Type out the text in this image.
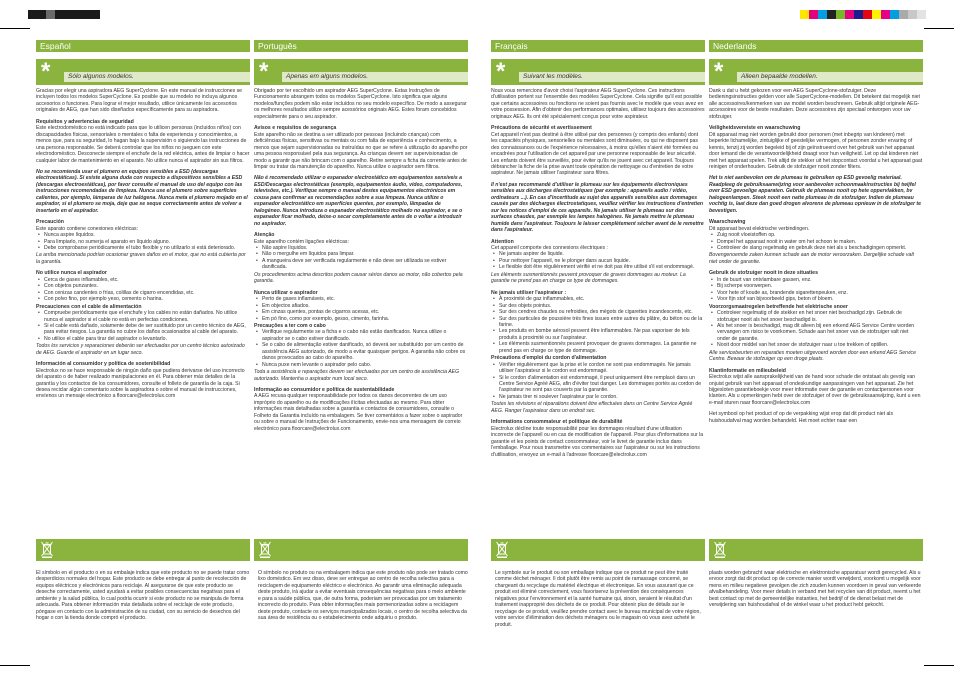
Español
*	Sólo algunos modelos.

Gracias por elegir una aspiradora AEG SuperCyclone. En este manual de instrucciones se incluyen todos los modelos SuperCyclone. Es posible que su modelo no incluya algunos accesorios o funciones. Para lograr el mejor resultado, utilice únicamente los accesorios originales de AEG, que han sido diseñados específicamente para su aspiradora.

Requisitos y advertencias de seguridad

Este electrodoméstico no está indicado para que lo utilicen personas (incluidos niños) con discapacidades físicas, sensoriales o mentales o falta de experiencia y conocimientos, a menos que, para su seguridad, lo hagan bajo la supervisión o siguiendo las instrucciones de una persona responsable. Se deberá controlar que los niños no jueguen con este electrodoméstico. Desconecte siempre el enchufe de la red eléctrica, antes de limpiar o hacer cualquier labor de mantenimiento en el aparato. No utilice nunca el aspirador sin sus filtros.

No se recomienda usar el plumero en equipos sensibles a ESD (descargas electroestáticas). Si existe alguna duda con respecto a dispositivos sensibles a ESD (descargas electroestáticas), por favor consulte el manual de uso del equipo con las instrucciones recomendadas de limpieza. Nunca use el plumero sobre superficies calientes, por ejemplo, lámparas de luz halógena. Nunca meta el plumero mojado en el aspirador, si el plumero se moja, deje que se seque correctamente antes de volver a insertarlo en el aspirador.

Precaución

Este aparato contiene conexiones eléctricas:

• Nunca aspire líquidos.
• Para limpiarlo, no sumerja el aparato en líquido alguno.
• Debe comprobarse periódicamente el tubo flexible y no utilizarlo si está deteriorado.

La arriba mencionada podrían ocasionar graves daños en el motor, que no está cubierta por la garantía.

No utilice nunca el aspirador
• Cerca de gases inflamables, etc.
• Con objetos punzantes.
• Con cenizas candentes o frías, colillas de cigarro encendidas, etc.
• Con polvo fino, por ejemplo yeso, cemento o harina.
Precauciones con el cable de alimentación
• Compruebe periódicamente que el enchufe y los cables no están dañados. No utilice nunca el aspirador si el cable no está en perfectas condiciones.
• Si el cable está dañado, solamente debe de ser sustituido por un centro técnico de AEG, para evitar riesgos. La garantía no cubre los daños ocasionados al cable del aparato.
• No utilice el cable para tirar del aspirador o levantarlo.

Todos los servicios y reparaciones deberán ser efectuadas por un centro técnico autorizado de AEG. Guarde el aspirador en un lugar seco.

Información al consumidor y política de sostenibilidad

Electrolux no se hace responsable de ningún daño que pudiera derivarse del uso incorrecto del aparato o de haber realizado manipulaciones en él. Para obtener más detalles de la garantía y los contactos de los consumidores, consulte el folleto de garantía de la caja. Si desea reciclar algún comentario sobre la aspiradora o sobre el manual de instrucciones, envíenos un mensaje electrónico a floorcare@electrolux.com

El símbolo en el producto o en su embalaje indica que este producto no se puede tratar como desperdicios normales del hogar. Este producto se debe entregar al punto de recolección de equipos eléctricos y electrónicos para reciclaje. Al asegurarse de que este producto se deseche correctamente, usted ayudará a evitar posibles consecuencias negativas para el ambiente y la salud pública, lo cual podría ocurrir si este producto no se manipula de forma adecuada. Para obtener información más detallada sobre el reciclaje de este producto, póngase en contacto con la administración de su ciudad, con su servicio de desechos del hogar o con la tienda donde compró el producto.
Português
*	Apenas em alguns modelos.

Obrigado por ter escolhido um aspirador AEG SuperCyclone. Estas Instruções de Funcionamento abrangem todos os modelos SuperCyclone. Isto significa que alguns modelos/funções podem não estar incluídos no seu modelo específico. De modo a assegurar os melhores resultados utilize sempre acessórios originais AEG. Estes foram concebidos especialmente para o seu aspirador.

Avisos e requisitos de segurança

Este aparelho não se destina a ser utilizado por pessoas (incluindo crianças) com deficiências físicas, sensitivas ou mentais ou com falta de experiência e conhecimento, a menos que sejam supervisionadas ou instruídas no que se refere à utilização do aparelho por uma pessoa responsável pela sua segurança. As crianças devem ser supervisionadas de modo a garantir que não brincam com o aparelho. Retire sempre a ficha da corrente antes de limpar ou tratar da manutenção do aparelho. Nunca utilize o aspirador sem filtros.

Não é recomendado utilizar o espanador electrostático em equipamentos sensíveis a ESD/Descargas electrostáticas (exemplo, equipamentos áudio, vídeo, computadores, televisões, etc.). Verifique sempre o manual destes equipamentos electrónicos em cousa para confirmar as recomendações sobre a sua limpeza. Nunca utilize o espanador electrostático em superfícies quentes, por exemplo, lâmpadas de halogéneo. Nunca introduza o espanador electrostático molhado no aspirador, e se o espanador ficar molhado, deixe-o secar completamente antes de o voltar a introduzir no aspirador.

Atenção

Este aparelho contém ligações eléctricas:

• Não aspire líquidos.
• Não o mergulhe em líquidos para limpar.
• A mangueira deve ser verificada regularmente e não deve ser utilizada se estiver danificada.

Os procedimentos acima descritos podem causar sérios danos ao motor, não cobertos pela garantia.

Nunca utilizar o aspirador
• Perto de gases inflamáveis, etc.
• Em objectos afiados.
• Em cinzas quentes, pontas de cigarros acesas, etc.
• Em pó fino, como por exemplo, gesso, cimento, farinha.
Precauções a ter com o cabo
• Verifique regularmente se a ficha e o cabo não estão danificados. Nunca utilize o aspirador se o cabo estiver danificado.
• Se o cabo de alimentação estiver danificado, só deverá ser substituído por um centro de assistência AEG autorizado, de modo a evitar quaisquer perigos. A garantia não cobre os danos provocados ao cabo do aparelho.
• Nunca puxe nem levante o aspirador pelo cabo.

Toda a assistência e reparações devem ser efectuadas por um centro de assistência AEG autorizado. Mantenha o aspirador num local seco.

Informação ao consumidor e política de sustentabilidade

A AEG recusa qualquer responsabilidade por todos os danos decorrentes de um uso impróprio do aparelho ou de modificações ilícitas efectuadas ao mesmo. Para obter informações mais detalhadas sobre a garantia e contactos de consumidores, consulte o Folheto da Garantia incluído na embalagem. Se tiver comentários a fazer sobre o aspirador ou sobre o manual de Instruções de Funcionamento, envie-nos uma mensagem de correio electrónico para floorcare@electrolux.com

O símbolo no produto ou na embalagem indica que este produto não pode ser tratado como lixo doméstico. Em vez disso, deve ser entregue ao centro de recolha selectiva para a reciclagem de equipamento eléctrico e electrónico. Ao garantir uma eliminação adequada deste produto, irá ajudar a evitar eventuais consequências negativas para o meio ambiente e para a saúde pública, que, de outra forma, poderiam ser provocadas por um tratamento incorrecto do produto. Para obter informações mais pormenorizadas sobre a reciclagem deste produto, contacte os serviços municipalizados locais, o centro de recolha selectiva da sua área de residência ou o estabelecimento onde adquiriu o produto.
Français
*	Suivant les modèles.

Nous vous remercions d'avoir choisi l'aspirateur AEG SuperCyclone. Ces instructions d'utilisation portent sur l'ensemble des modèles SuperCyclone. Cela signifie qu'il est possible que certains accessoires ou fonctions ne soient pas fournis avec le modèle que vous avez en votre possession. Afin d'obtenir des performances optimales, utilisez toujours des accessoires originaux AEG. Ils ont été spécialement conçus pour votre aspirateur.

Précautions de sécurité et avertissement

Cet appareil n'est pas destiné à être utilisé par des personnes (y compris des enfants) dont les capacités physiques, sensorielles ou mentales sont diminuées, ou qui ne disposent pas des connaissances ou de l'expérience nécessaires, à moins qu'elles n'aient été formées ou encadrées pour l'utilisation de cet appareil par une personne responsable de leur sécurité. Les enfants doivent être surveillés, pour éviter qu'ils ne jouent avec cet appareil. Toujours débrancher la fiche de la prise avant toute opération de nettoyage ou d'entretien de votre aspirateur. Ne jamais utiliser l'aspirateur sans filtres.

Il n'est pas recommandé d'utiliser le plumeau sur les équipements électroniques sensibles aux décharges électrostatiques (par exemple : appareils audio / vidéo, ordinateurs ...). En cas d'incertitude au sujet des appareils sensibles aux dommages causés par des décharges électrostatiques, veuillez vérifier les instructions d'entretien sur les notices d'emploi de ces appareils. Ne jamais utiliser le plumeau sur des surfaces chaudes, par exemple les lampes halogènes. Ne jamais mettre le plumeau humide dans l'aspirateur. Toujours le laisser complètement sécher avant de le remettre dans l'aspirateur.

Attention

Cet appareil comporte des connexions électriques :

• Ne jamais aspirer de liquide.
• Pour nettoyer l'appareil, ne le plonger dans aucun liquide.
• Le flexible doit être régulièrement vérifié et ne doit pas être utilisé s'il est endommagé.

Les éléments susmentionnés peuvent provoquer de graves dommages au moteur. La garantie ne prend pas en charge ce type de dommages.

Ne jamais utiliser l'aspirateur :
• À proximité de gaz inflammables, etc.
• Sur des objets pointus.
• Sur des cendres chaudes ou refroidies, des mégots de cigarettes incandescents, etc.
• Sur des particules de poussière très fines issues entre autres du plâtre, du béton ou de la farine.
• Les produits en bombe aérosol peuvent être inflammables. Ne pas vaporiser de tels produits à proximité ou sur l'aspirateur.
• Les éléments susmentionnés peuvent provoquer de graves dommages. La garantie ne prend pas en charge ce type de dommage.
Précautions d'emploi du cordon d'alimentation
• Vérifier régulièrement que la prise et le cordon ne sont pas endommagés. Ne jamais utiliser l'aspirateur si le cordon est endommagé.
• Si le cordon d'alimentation est endommagé, il peut uniquement être remplacé dans un Centre Service Agréé AEG, afin d'éviter tout danger. Les dommages portés au cordon de l'aspirateur ne sont pas couverts par la garantie.
• Ne jamais tirer ni soulever l'aspirateur par le cordon.

Toutes les révisions et réparations doivent être effectuées dans un Centre Service Agréé AEG. Ranger l'aspirateur dans un endroit sec.

Informations consommateur et politique de durabilité

Electrolux décline toute responsabilité pour les dommages résultant d'une utilisation incorrecte de l'appareil ou en cas de modification de l'appareil. Pour plus d'informations sur la garantie et les points de contact consommateur, voir le livret de garantie inclus dans l'emballage. Pour nous transmettre vos commentaires sur l'aspirateur ou sur les instructions d'utilisation, envoyez un e-mail à l'adresse floorcare@electrolux.com

Le symbole sur le produit ou son emballage indique que ce produit ne peut être traité comme déchet ménager. Il doit plutôt être remis au point de ramassage concerné, se chargeant du recyclage du matériel électrique et électronique. En vous assurant que ce produit est éliminé correctement, vous favoriserez la prévention des conséquences négatives pour l'environnement et la santé humaine qui, sinon, seraient le résultat d'un traitement inapproprié des déchets de ce produit. Pour obtenir plus de détails sur le recyclage de ce produit, veuillez prendre contact avec le bureau municipal de votre région, votre service d'élimination des déchets ménagers ou le magasin où vous avez acheté le produit.
Nederlands
*	Alleen bepaalde modellen.

Dank u dat u hebt gekozen voor een AEG SuperCyclone-stofzuiger. Deze bedieningsinstructies gelden voor alle SuperCyclone-modellen. Dit betekent dat mogelijk niet alle accessoires/kenmerken van uw model worden beschreven. Gebruik altijd originele AEG-accessoires voor de beste resultaten. Deze accessoires zijn speciaal ontworpen voor uw stofzuiger.

Veiligheidsvereiste en waarschuwing

Dit apparaat mag niet worden gebruikt door personen (met inbegrip van kinderen) met beperkte lichamelijke, zintuiglijke of geestelijke vermogen, of personen zonder ervaring of kennis, tenzij zij worden begeleid bij of zijn geïnstrueerd over het gebruik van het apparaat door iemand die de verantwoordelijkheid draagt voor hun veiligheid. Let op dat kinderen niet met het apparaat spelen. Trek altijd de stekker uit het stopcontact voordat u het apparaat gaat reinigen of onderhouden. Gebruik de stofzuiger nooit zonder filters.

Het is niet aanbevolen om de plumeau te gebruiken op ESD gevoelig materiaal. Raadpleeg de gebruiksaanwijzing voor aanbevolen schoonmaakinstructies bij twijfel over ESD gevoelige apparaten. Gebruik de plumeau nooit op hete oppervlakken, bv halogeenlampen. Steek nooit een natte plumeau in de stofzuiger. Indien de plumeau vochtig is, laat deze dan goed drogen alvorens de plumeau opnieuw in de stofzuiger te bevestigen.

Waarschuwing

Dit apparaat bevat elektrische verbindingen.

• Zuig nooit vloeistoffen op.
• Dompel het apparaat nooit in water om het schoon te maken.
• Controleer de slang regelmatig en gebruik deze niet als u beschadigingen opmerkt.

Bovengenoemde zaken kunnen schade aan de motor veroorzaken. Dergelijke schade valt niet onder de garantie.

Gebruik de stofzuiger nooit in deze situaties
• In de buurt van ontvlambare gassen, enz.
• Bij scherpe voorwerpen.
• Voor hete of koude as, brandende sigarettenpeuken, enz.
• Voor fijn stof van bijvoorbeeld gips, beton of bloem.
Voorzorgsmaatregelen betreffende het elektrische snoer
• Controleer regelmatig of de stekker en het snoer niet beschadigd zijn. Gebruik de stofzuiger nooit als het snoer beschadigd is.
• Als het snoer is beschadigd, mag dit alleen bij een erkend AEG Service Centre worden vervangen om risico te voorkomen. Schade aan het snoer van de stofzuiger valt niet onder de garantie.
• Nooit door middel van het snoer de stofzuiger naar u toe trekken of optillen.

Alle servicebeurten en reparaties moeten uitgevoerd worden door een erkend AEG Service Centre. Bewaar de stofzuiger op een droge plaats.

Klantinformatie en milieubeleid

Electrolux wijst alle aansprakelijkheid van de hand voor schade die ontstaat als gevolg van onjuist gebruik van het apparaat of ondeskundige aanpassingen van het apparaat. Zie het bijgesloten garantieboekje voor meer informatie over de garantie en contactpersonen voor klanten. Als u opmerkingen hebt over de stofzuiger of over de gebruiksaanwijzing, kunt u een e-mail sturen naar floorcare@electrolux.com

Het symbool op het product of op de verpakking wijst erop dat dit product niet als huishoudafval mag worden behandeld. Het moet echter naar een

plaats worden gebracht waar elektrische en elektronische apparatuur wordt gerecycled. Als u ervoor zorgt dat dit product op de correcte manier wordt verwijderd, voorkomt u mogelijk voor mens en milieu negatieve gevolgen die zich zouden kunnen voordoen in geval van verkeerde afvalbehandeling. Voor meer details in verband met het recyclen van dit product, neemt u het best contact op met de gemeentelijke instanties, het bedrijf of de dienst belast met de verwijdering van huishoudafval of de winkel waar u het product hebt gekocht.
